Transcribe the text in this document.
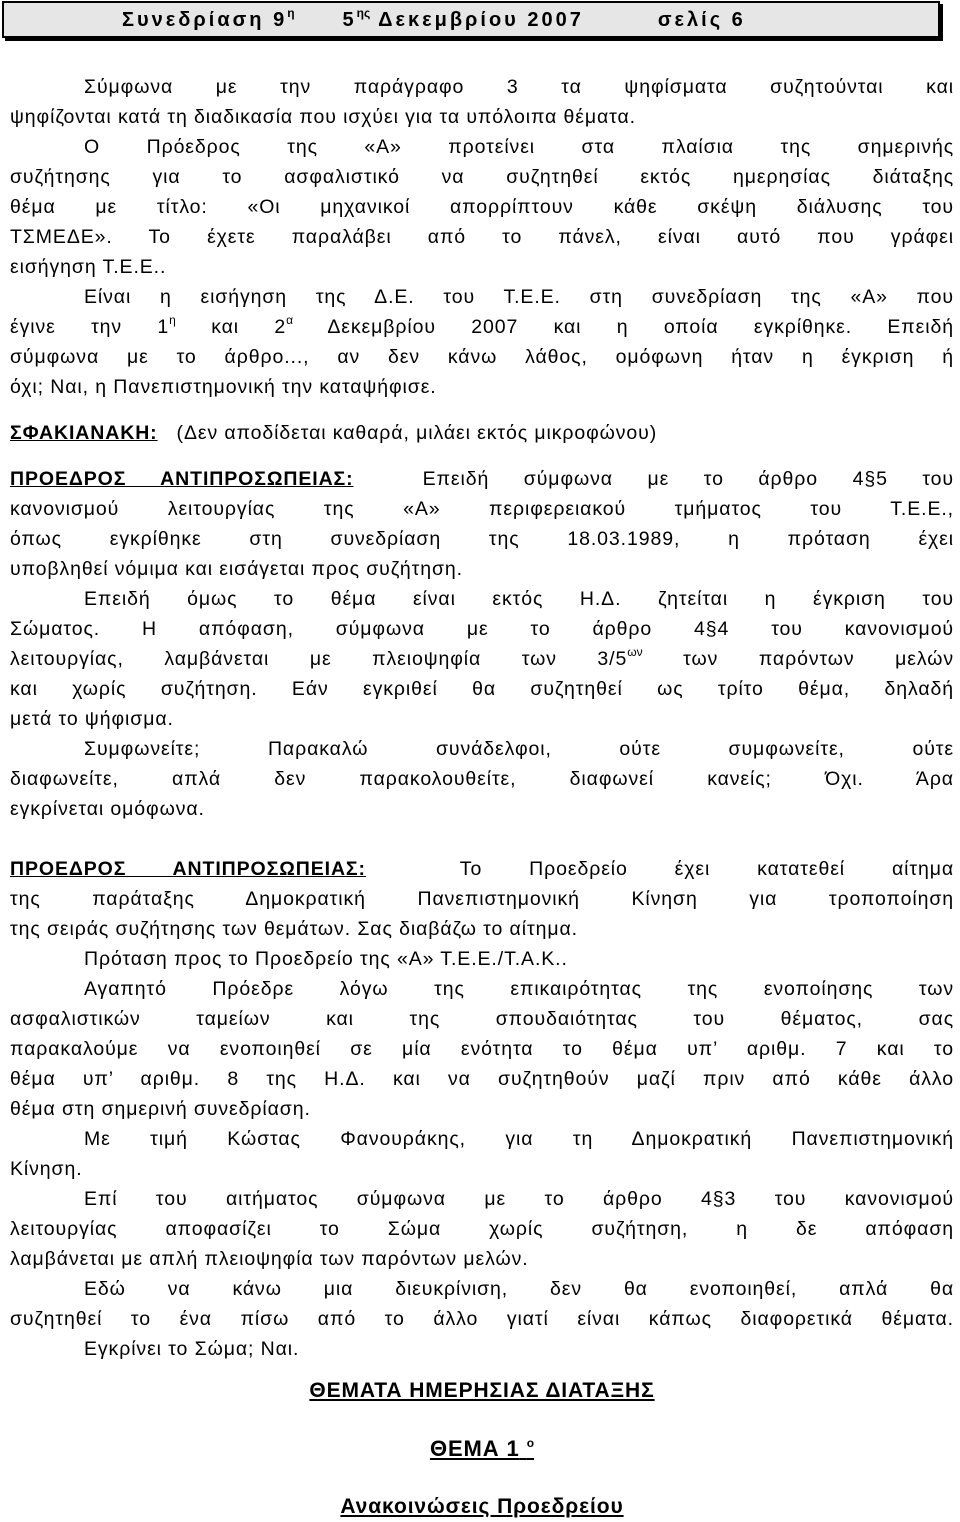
Συνεδρίαση $9^\eta$ $5^{\eta\varsigma}$ Δεκεμβρίου 2007	σελίς 6
Σύμφωνα με την παράγραφο 3 τα ψηφίσματα συζητούνται και
ψηφίζονται κατά τη διαδικασία που ισχύει για τα υπόλοιπα θέματα.
Ο Πρόεδρος της «Α» προτείνει στα πλαίσια της σημερινής
συζήτησης για το ασφαλιστικό να συζητηθεί εκτός ημερησίας διάταξης
θέμα με τίτλο: «Οι μηχανικοί απορρίπτουν κάθε σκέψη διάλυσης του
ΤΣΜΕΔΕ». Το έχετε παραλάβει από το πάνελ, είναι αυτό που γράφει
εισήγηση Τ.Ε.Ε..
Είναι η εισήγηση της Δ.Ε. του Τ.Ε.Ε. στη συνεδρίαση της «Α» που
έγινε την $1^\eta$ και $2^\alpha$ Δεκεμβρίου 2007 και η οποία εγκρίθηκε. Επειδή
σύμφωνα με το άρθρο..., αν δεν κάνω λάθος, ομόφωνη ήταν η έγκριση ή
όχι; Ναι, η Πανεπιστημονική την καταψήφισε.
ΣΦΑΚΙΑΝΑΚΗ: (Δεν αποδίδεται καθαρά, μιλάει εκτός μικροφώνου)
ΠΡΟΕΔΡΟΣ ΑΝΤΙΠΡΟΣΩΠΕΙΑΣ:	Επειδή σύμφωνα με το άρθρο 4§5 του
κανονισμού λειτουργίας της «Α» περιφερειακού τμήματος του Τ.Ε.Ε.,
όπως εγκρίθηκε στη συνεδρίαση της 18.03.1989, η πρόταση έχει
υποβληθεί νόμιμα και εισάγεται προς συζήτηση.
Επειδή όμως το θέμα είναι εκτός Η.Δ. ζητείται η έγκριση του
Σώματος. Η απόφαση, σύμφωνα με το άρθρο 4§4 του κανονισμού
λειτουργίας, λαμβάνεται με πλειοψηφία των $3/5^{\omega\nu}$ των παρόντων μελών
και χωρίς συζήτηση. Εάν εγκριθεί θα συζητηθεί ως τρίτο θέμα, δηλαδή
μετά το ψήφισμα.
Συμφωνείτε; Παρακαλώ συνάδελφοι, ούτε συμφωνείτε, ούτε
διαφωνείτε, απλά δεν παρακολουθείτε, διαφωνεί κανείς; Όχι. Άρα
εγκρίνεται ομόφωνα.
ΠΡΟΕΔΡΟΣ ΑΝΤΙΠΡΟΣΩΠΕΙΑΣ:	Το Προεδρείο έχει κατατεθεί αίτημα
της παράταξης Δημοκρατική Πανεπιστημονική Κίνηση για τροποποίηση
της σειράς συζήτησης των θεμάτων. Σας διαβάζω το αίτημα.
Πρόταση προς το Προεδρείο της «Α» Τ.Ε.Ε./Τ.Α.Κ..
Αγαπητό Πρόεδρε λόγω της επικαιρότητας της ενοποίησης των
ασφαλιστικών ταμείων και της σπουδαιότητας του θέματος, σας
παρακαλούμε να ενοποιηθεί σε μία ενότητα το θέμα υπ’ αριθμ. 7 και το
θέμα υπ’ αριθμ. 8 της Η.Δ. και να συζητηθούν μαζί πριν από κάθε άλλο
θέμα στη σημερινή συνεδρίαση.
Με τιμή Κώστας Φανουράκης, για τη Δημοκρατική Πανεπιστημονική
Κίνηση.
Επί του αιτήματος σύμφωνα με το άρθρο 4§3 του κανονισμού
λειτουργίας αποφασίζει το Σώμα χωρίς συζήτηση, η δε απόφαση
λαμβάνεται με απλή πλειοψηφία των παρόντων μελών.
Εδώ να κάνω μια διευκρίνιση, δεν θα ενοποιηθεί, απλά θα
συζητηθεί το ένα πίσω από το άλλο γιατί είναι κάπως διαφορετικά θέματα.
Εγκρίνει το Σώμα; Ναι.
ΘΕΜΑΤΑ ΗΜΕΡΗΣΙΑΣ ΔΙΑΤΑΞΗΣ
ΘΕΜΑ 1 $^o$
Ανακοινώσεις Προεδρείου
